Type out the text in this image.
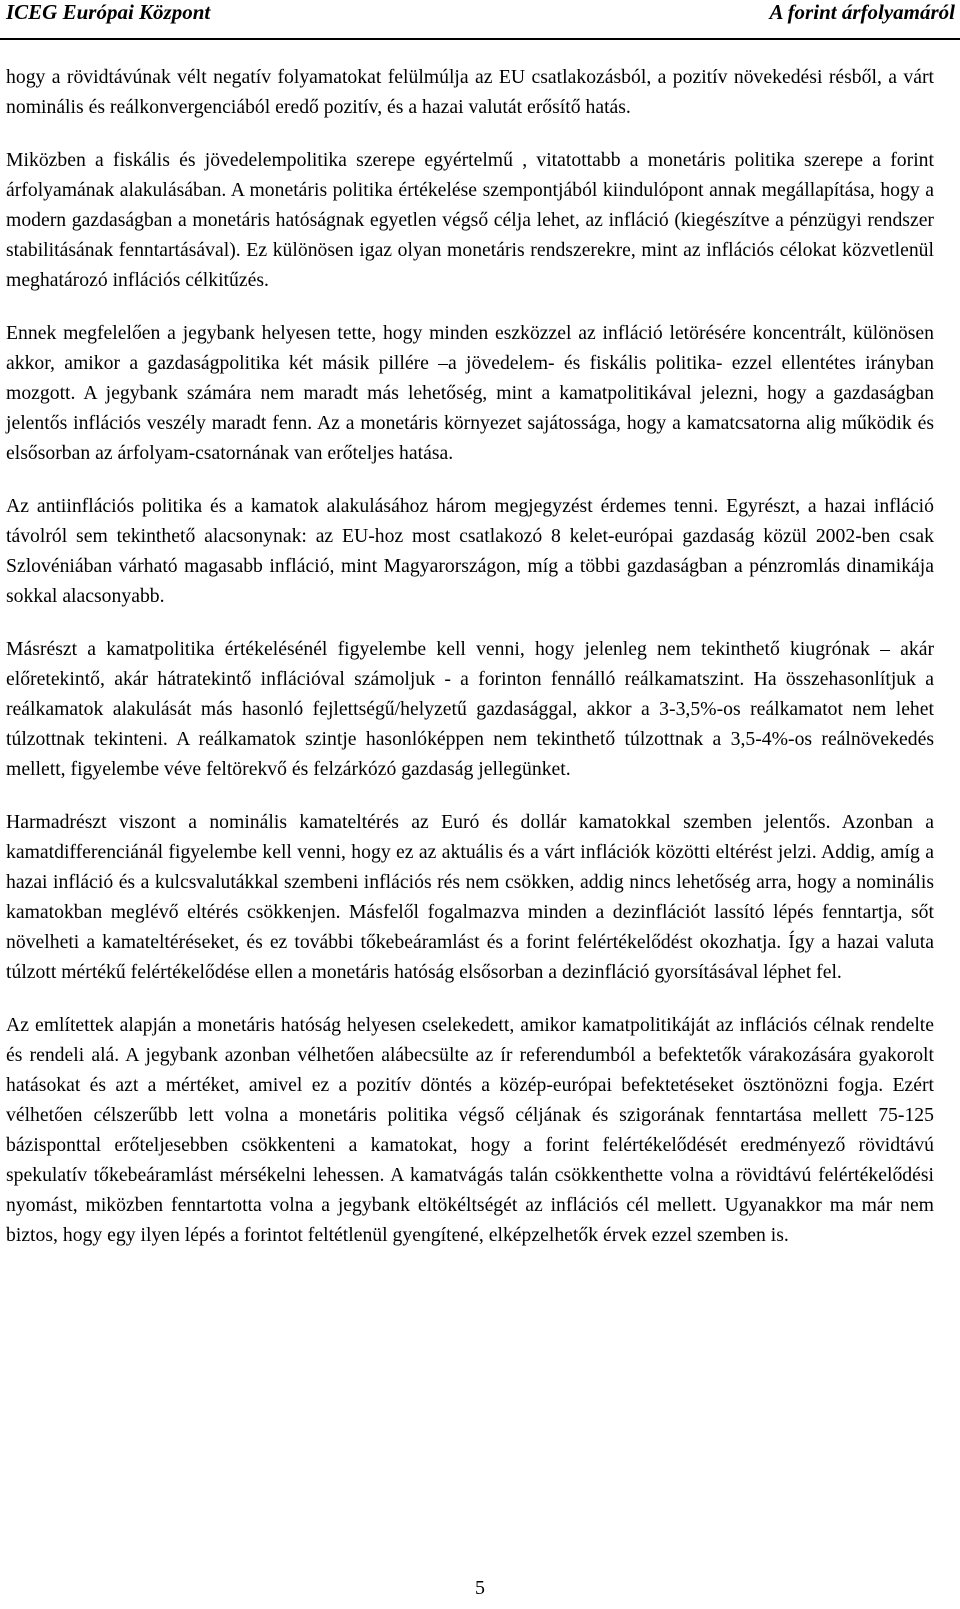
ICEG Európai Központ	A forint árfolyamáról

hogy a rövidtávúnak vélt negatív folyamatokat felülmúlja az EU csatlakozásból, a pozitív növekedési résből, a várt nominális és reálkonvergenciából eredő pozitív, és a hazai valutát erősítő hatás.

Miközben a fiskális és jövedelempolitika szerepe egyértelmű , vitatottabb a monetáris politika szerepe a forint árfolyamának alakulásában. A monetáris politika értékelése szempontjából kiindulópont annak megállapítása, hogy a modern gazdaságban a monetáris hatóságnak egyetlen végső célja lehet, az infláció (kiegészítve a pénzügyi rendszer stabilitásának fenntartásával). Ez különösen igaz olyan monetáris rendszerekre, mint az inflációs célokat közvetlenül meghatározó inflációs célkitűzés.

Ennek megfelelően a jegybank helyesen tette, hogy minden eszközzel az infláció letörésére koncentrált, különösen akkor, amikor a gazdaságpolitika két másik pillére –a jövedelem- és fiskális politika- ezzel ellentétes irányban mozgott. A jegybank számára nem maradt más lehetőség, mint a kamatpolitikával jelezni, hogy a gazdaságban jelentős inflációs veszély maradt fenn. Az a monetáris környezet sajátossága, hogy a kamatcsatorna alig működik és elsősorban az árfolyam-csatornának van erőteljes hatása.

Az antiinflációs politika és a kamatok alakulásához három megjegyzést érdemes tenni. Egyrészt, a hazai infláció távolról sem tekinthető alacsonynak: az EU-hoz most csatlakozó 8 kelet-európai gazdaság közül 2002-ben csak Szlovéniában várható magasabb infláció, mint Magyarországon, míg a többi gazdaságban a pénzromlás dinamikája sokkal alacsonyabb.

Másrészt a kamatpolitika értékelésénél figyelembe kell venni, hogy jelenleg nem tekinthető kiugrónak – akár előretekintő, akár hátratekintő inflációval számoljuk - a forinton fennálló reálkamatszint. Ha összehasonlítjuk a reálkamatok alakulását más hasonló fejlettségű/helyzetű gazdasággal, akkor a 3-3,5%-os reálkamatot nem lehet túlzottnak tekinteni. A reálkamatok szintje hasonlóképpen nem tekinthető túlzottnak a 3,5-4%-os reálnövekedés mellett, figyelembe véve feltörekvő és felzárkózó gazdaság jellegünket.

Harmadrészt viszont a nominális kamateltérés az Euró és dollár kamatokkal szemben jelentős. Azonban a kamatdifferenciánál figyelembe kell venni, hogy ez az aktuális és a várt inflációk közötti eltérést jelzi. Addig, amíg a hazai infláció és a kulcsvalutákkal szembeni inflációs rés nem csökken, addig nincs lehetőség arra, hogy a nominális kamatokban meglévő eltérés csökkenjen. Másfelől fogalmazva minden a dezinflációt lassító lépés fenntartja, sőt növelheti a kamateltéréseket, és ez további tőkebeáramlást és a forint felértékelődést okozhatja. Így a hazai valuta túlzott mértékű felértékelődése ellen a monetáris hatóság elsősorban a dezinfláció gyorsításával léphet fel.

Az említettek alapján a monetáris hatóság helyesen cselekedett, amikor kamatpolitikáját az inflációs célnak rendelte és rendeli alá. A jegybank azonban vélhetően alábecsülte az ír referendumból a befektetők várakozására gyakorolt hatásokat és azt a mértéket, amivel ez a pozitív döntés a közép-európai befektetéseket ösztönözni fogja. Ezért vélhetően célszerűbb lett volna a monetáris politika végső céljának és szigorának fenntartása mellett 75-125 bázisponttal erőteljesebben csökkenteni a kamatokat, hogy a forint felértékelődését eredményező rövidtávú spekulatív tőkebeáramlást mérsékelni lehessen. A kamatvágás talán csökkenthette volna a rövidtávú felértékelődési nyomást, miközben fenntartotta volna a jegybank eltökéltségét az inflációs cél mellett. Ugyanakkor ma már nem biztos, hogy egy ilyen lépés a forintot feltétlenül gyengítené, elképzelhetők érvek ezzel szemben is.

5
